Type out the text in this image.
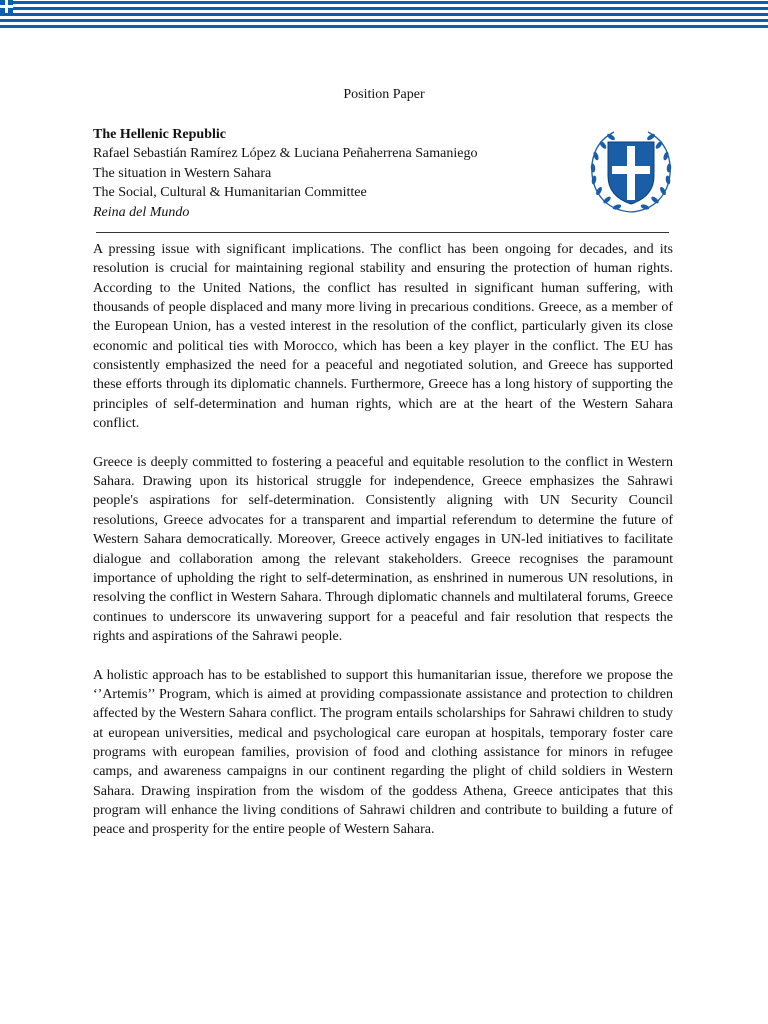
Position Paper
The Hellenic Republic
Rafael Sebastián Ramírez López & Luciana Peñaherrena Samaniego
The situation in Western Sahara
The Social, Cultural & Humanitarian Committee
Reina del Mundo

A pressing issue with significant implications. The conflict has been ongoing for decades, and its resolution is crucial for maintaining regional stability and ensuring the protection of human rights. According to the United Nations, the conflict has resulted in significant human suffering, with thousands of people displaced and many more living in precarious conditions. Greece, as a member of the European Union, has a vested interest in the resolution of the conflict, particularly given its close economic and political ties with Morocco, which has been a key player in the conflict. The EU has consistently emphasized the need for a peaceful and negotiated solution, and Greece has supported these efforts through its diplomatic channels. Furthermore, Greece has a long history of supporting the principles of self-determination and human rights, which are at the heart of the Western Sahara conflict.

Greece is deeply committed to fostering a peaceful and equitable resolution to the conflict in Western Sahara. Drawing upon its historical struggle for independence, Greece emphasizes the Sahrawi people's aspirations for self-determination. Consistently aligning with UN Security Council resolutions, Greece advocates for a transparent and impartial referendum to determine the future of Western Sahara democratically. Moreover, Greece actively engages in UN-led initiatives to facilitate dialogue and collaboration among the relevant stakeholders. Greece recognises the paramount importance of upholding the right to self-determination, as enshrined in numerous UN resolutions, in resolving the conflict in Western Sahara. Through diplomatic channels and multilateral forums, Greece continues to underscore its unwavering support for a peaceful and fair resolution that respects the rights and aspirations of the Sahrawi people.

A holistic approach has to be established to support this humanitarian issue, therefore we propose the ‘’Artemis’’ Program, which is aimed at providing compassionate assistance and protection to children affected by the Western Sahara conflict. The program entails scholarships for Sahrawi children to study at european universities, medical and psychological care europan at hospitals, temporary foster care programs with european families, provision of food and clothing assistance for minors in refugee camps, and awareness campaigns in our continent regarding the plight of child soldiers in Western Sahara. Drawing inspiration from the wisdom of the goddess Athena, Greece anticipates that this program will enhance the living conditions of Sahrawi children and contribute to building a future of peace and prosperity for the entire people of Western Sahara.
